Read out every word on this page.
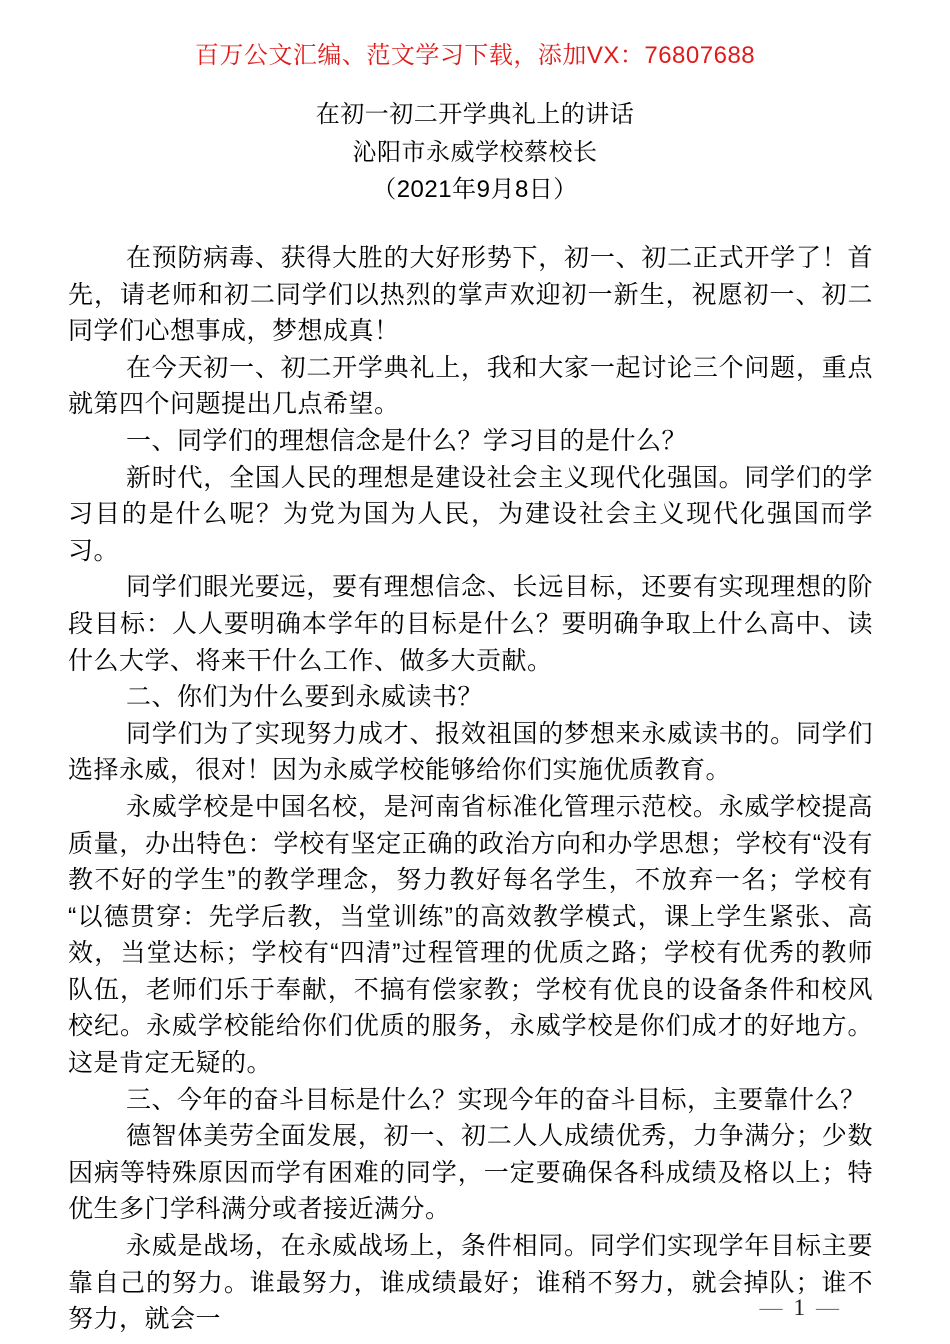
百万公文汇编、范文学习下载，添加VX：76807688
在初一初二开学典礼上的讲话
沁阳市永威学校蔡校长
（2021年9月8日）

在预防病毒、获得大胜的大好形势下，初一、初二正式开学了！首先，请老师和初二同学们以热烈的掌声欢迎初一新生，祝愿初一、初二同学们心想事成，梦想成真！

在今天初一、初二开学典礼上，我和大家一起讨论三个问题，重点就第四个问题提出几点希望。

一、同学们的理想信念是什么？学习目的是什么？

新时代，全国人民的理想是建设社会主义现代化强国。同学们的学习目的是什么呢？为党为国为人民，为建设社会主义现代化强国而学习。

同学们眼光要远，要有理想信念、长远目标，还要有实现理想的阶段目标：人人要明确本学年的目标是什么？要明确争取上什么高中、读什么大学、将来干什么工作、做多大贡献。

二、你们为什么要到永威读书？

同学们为了实现努力成才、报效祖国的梦想来永威读书的。同学们选择永威，很对！因为永威学校能够给你们实施优质教育。

永威学校是中国名校，是河南省标准化管理示范校。永威学校提高质量，办出特色：学校有坚定正确的政治方向和办学思想；学校有“没有教不好的学生”的教学理念，努力教好每名学生，不放弃一名；学校有“以德贯穿：先学后教，当堂训练”的高效教学模式，课上学生紧张、高效，当堂达标；学校有“四清”过程管理的优质之路；学校有优秀的教师队伍，老师们乐于奉献，不搞有偿家教；学校有优良的设备条件和校风校纪。永威学校能给你们优质的服务，永威学校是你们成才的好地方。这是肯定无疑的。

三、今年的奋斗目标是什么？实现今年的奋斗目标，主要靠什么？

德智体美劳全面发展，初一、初二人人成绩优秀，力争满分；少数因病等特殊原因而学有困难的同学，一定要确保各科成绩及格以上；特优生多门学科满分或者接近满分。

永威是战场，在永威战场上，条件相同。同学们实现学年目标主要靠自己的努力。谁最努力，谁成绩最好；谁稍不努力，就会掉队；谁不努力，就会一	— 1 —
